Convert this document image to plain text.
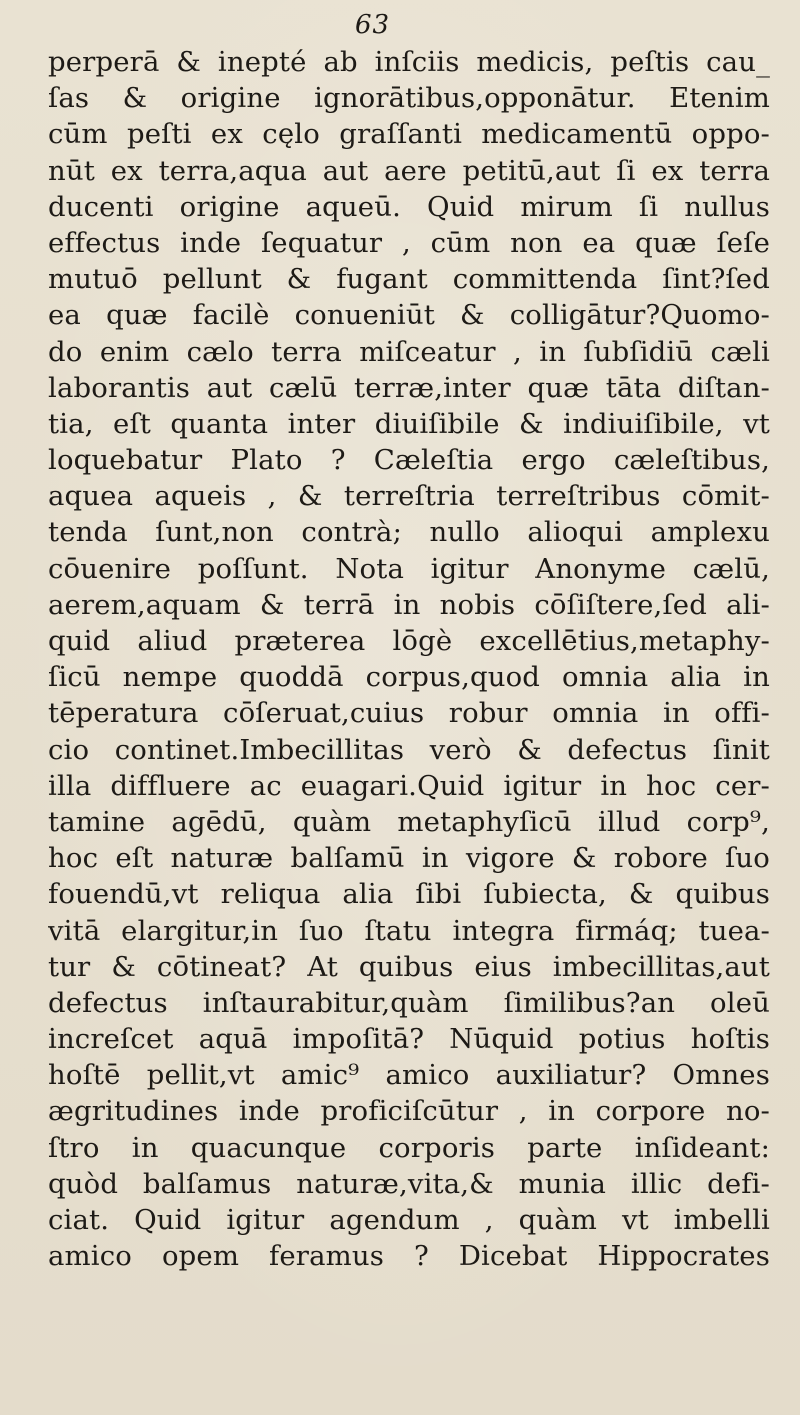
63
perperā & inepté ab inſciis medicis, peſtis cau_
ſas & origine ignorātibus,opponātur. Etenim
cūm peſti ex cęlo graſſanti medicamentū oppo-
nūt ex terra,aqua aut aere petitū,aut ſi ex terra
ducenti origine aqueū. Quid mirum ſi nullus
effectus inde ſequatur , cūm non ea quæ ſeſe
mutuō pellunt & fugant committenda ſint?ſed
ea quæ facilè conueniūt & colligātur?Quomo-
do enim cælo terra miſceatur , in ſubſidiū cæli
laborantis aut cælū terræ,inter quæ tāta diſtan-
tia, eſt quanta inter diuiſibile & indiuiſibile, vt
loquebatur Plato ? Cæleſtia ergo cæleſtibus,
aquea aqueis , & terreſtria terreſtribus cōmit-
tenda ſunt,non contrà; nullo alioqui amplexu
cōuenire poſſunt. Nota igitur Anonyme cælū,
aerem,aquam & terrā in nobis cōſiſtere,ſed ali-
quid aliud præterea lōgè excellētius,metaphy-
ſicū nempe quoddā corpus,quod omnia alia in
tēperatura cōſeruat,cuius robur omnia in offi-
cio continet.Imbecillitas verò & defectus ſinit
illa diffluere ac euagari.Quid igitur in hoc cer-
tamine agēdū, quàm metaphyſicū illud corp⁹,
hoc eſt naturæ balſamū in vigore & robore ſuo
fouendū,vt reliqua alia ſibi ſubiecta, & quibus
vitā elargitur,in ſuo ſtatu integra firmáq; tuea-
tur & cōtineat? At quibus eius imbecillitas,aut
defectus inſtaurabitur,quàm ſimilibus?an oleū
increſcet aquā impoſitā? Nūquid potius hoſtis
hoſtē pellit,vt amic⁹ amico auxiliatur? Omnes
ægritudines inde proficiſcūtur , in corpore no-
ſtro in quacunque corporis parte inſideant:
quòd balſamus naturæ,vita,& munia illic defi-
ciat. Quid igitur agendum , quàm vt imbelli
amico opem feramus ? Dicebat Hippocrates
